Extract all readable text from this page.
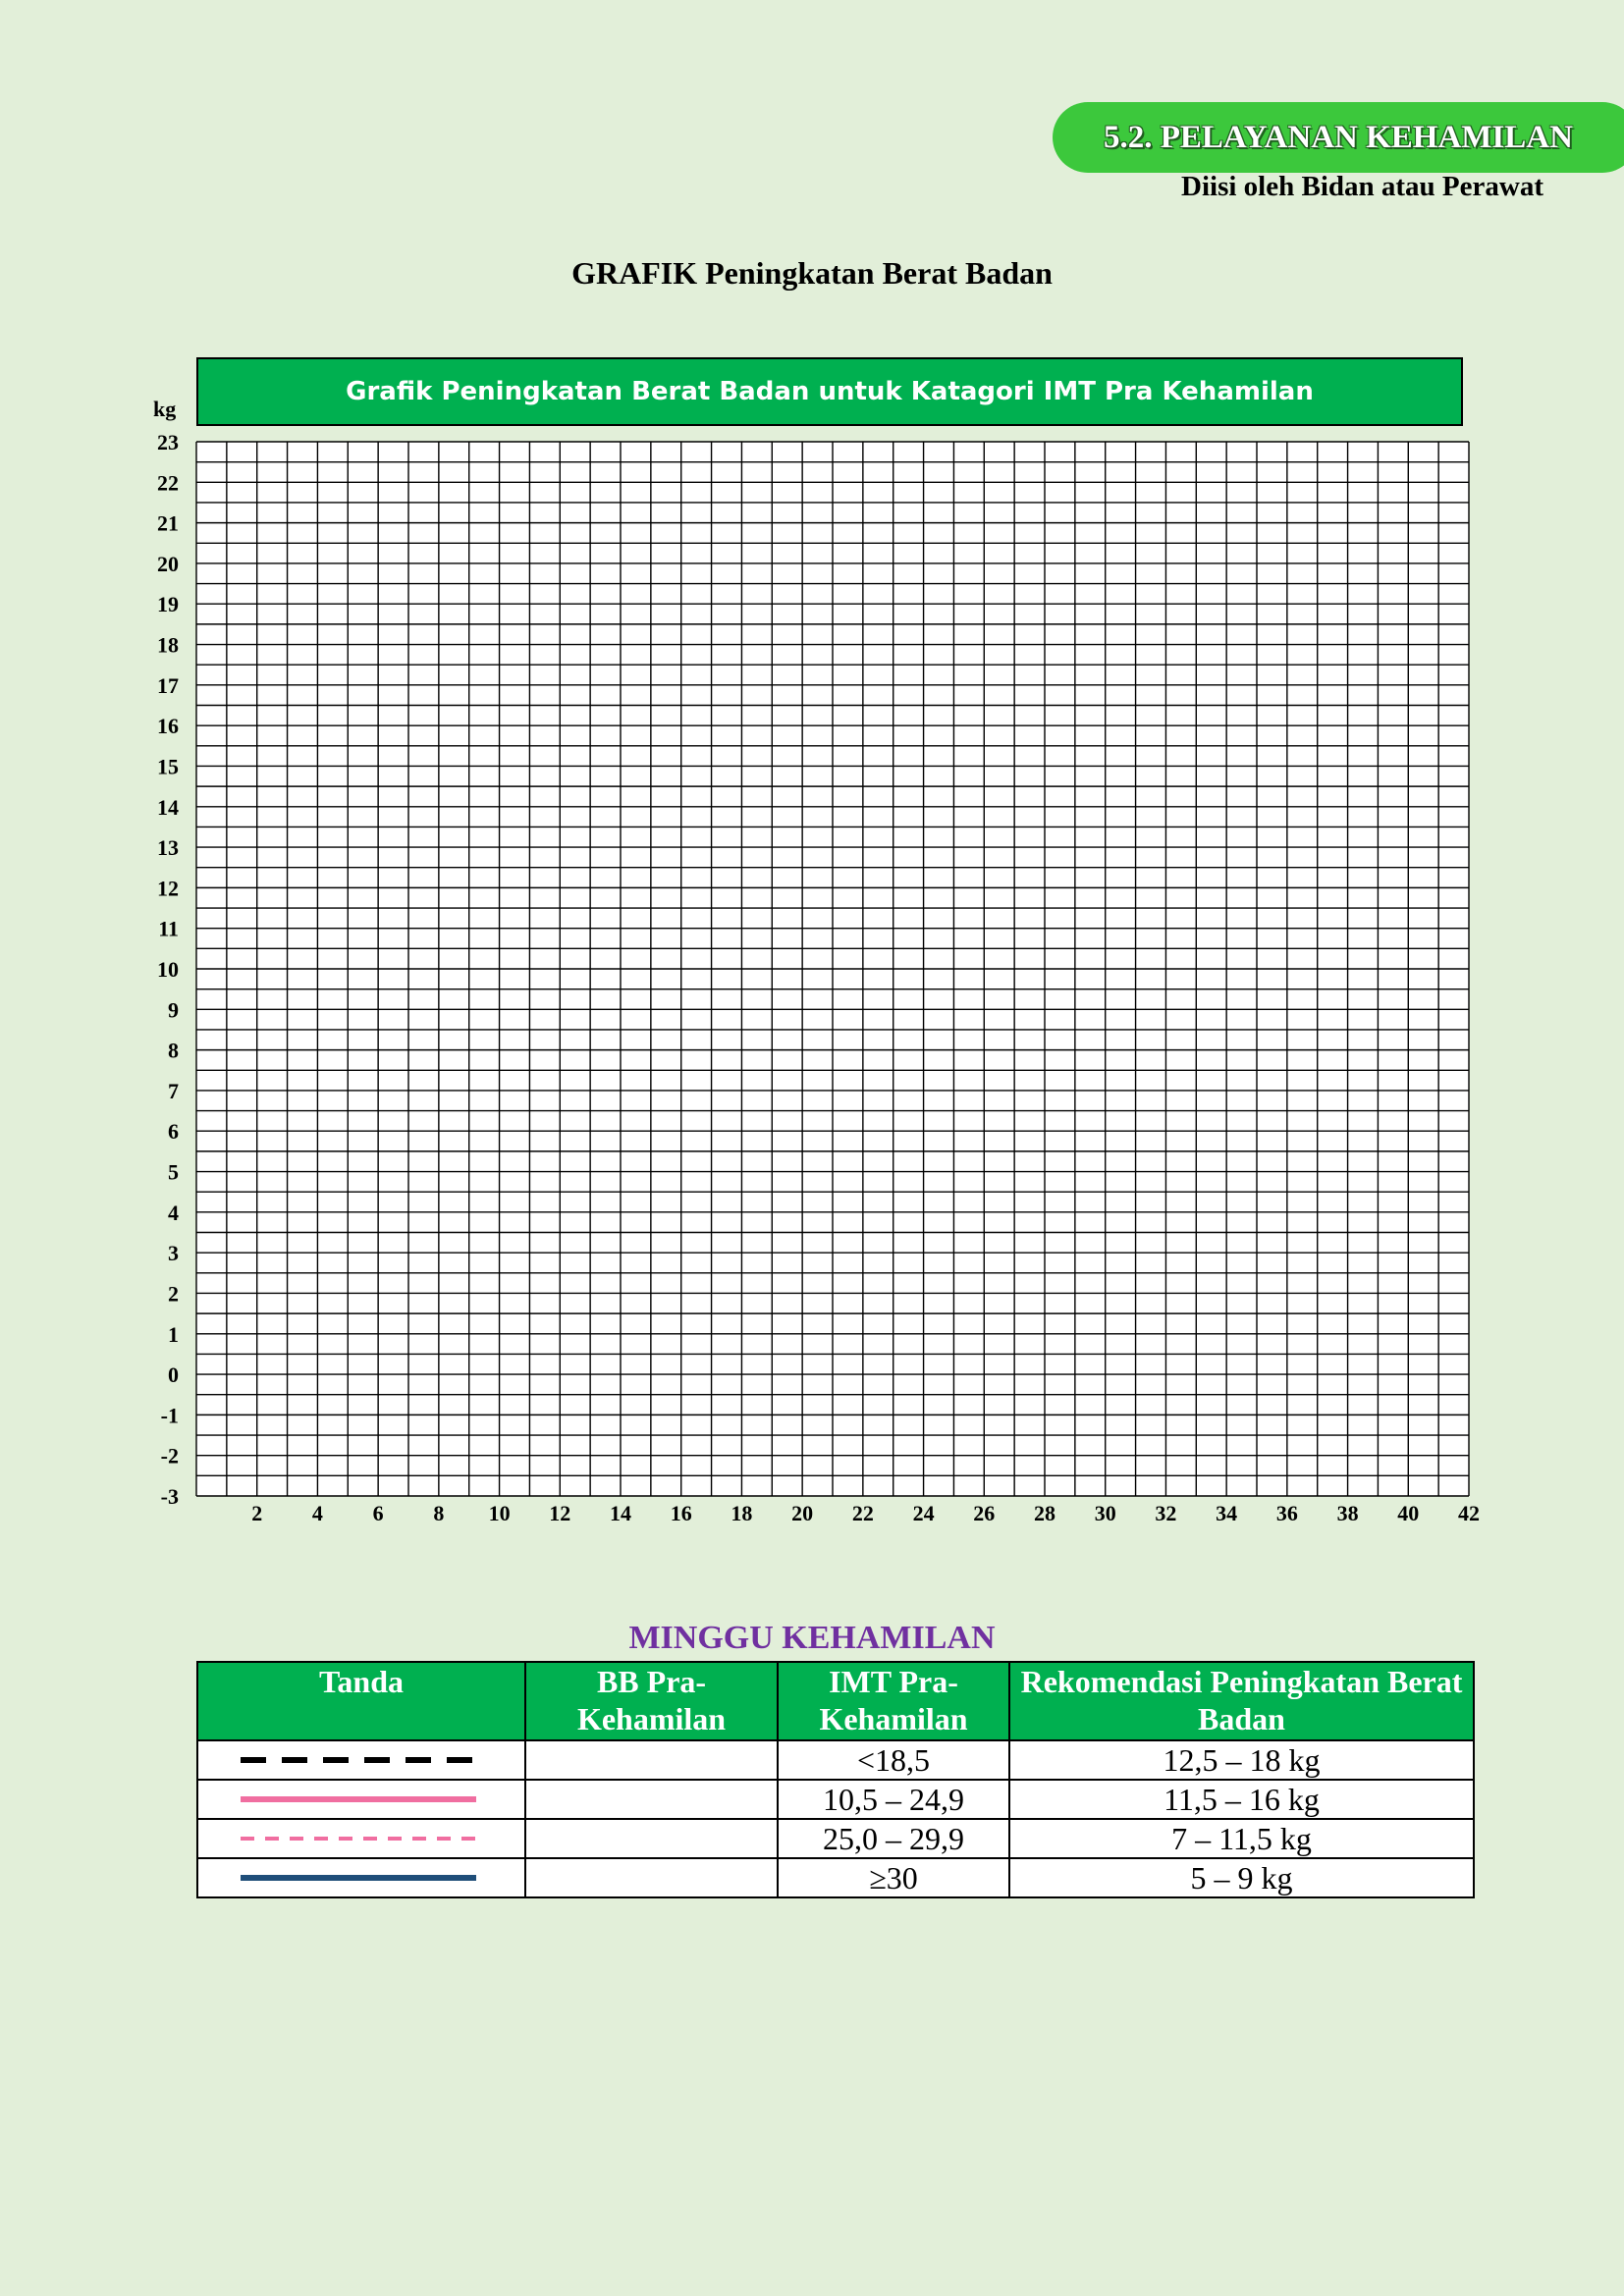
5.2. PELAYANAN KEHAMILAN
Diisi oleh Bidan atau Perawat
GRAFIK Peningkatan Berat Badan
Grafik Peningkatan Berat Badan untuk Katagori IMT Pra Kehamilan
kg
23
22
21
20
19
18
17
16
15
14
13
12
11
10
9
8
7
6
5
4
3
2
1
0
-1
-2
-3
2 4 6 8 10 12 14 16 18 20 22 24 26 28 30 32 34 36 38 40 42
MINGGU KEHAMILAN
Tanda	BB Pra-Kehamilan	IMT Pra-Kehamilan	Rekomendasi Peningkatan Berat Badan

		<18,5	12,5 – 18 kg

		10,5 – 24,9	11,5 – 16 kg

		25,0 – 29,9	7 – 11,5 kg

		≥30	5 – 9 kg
